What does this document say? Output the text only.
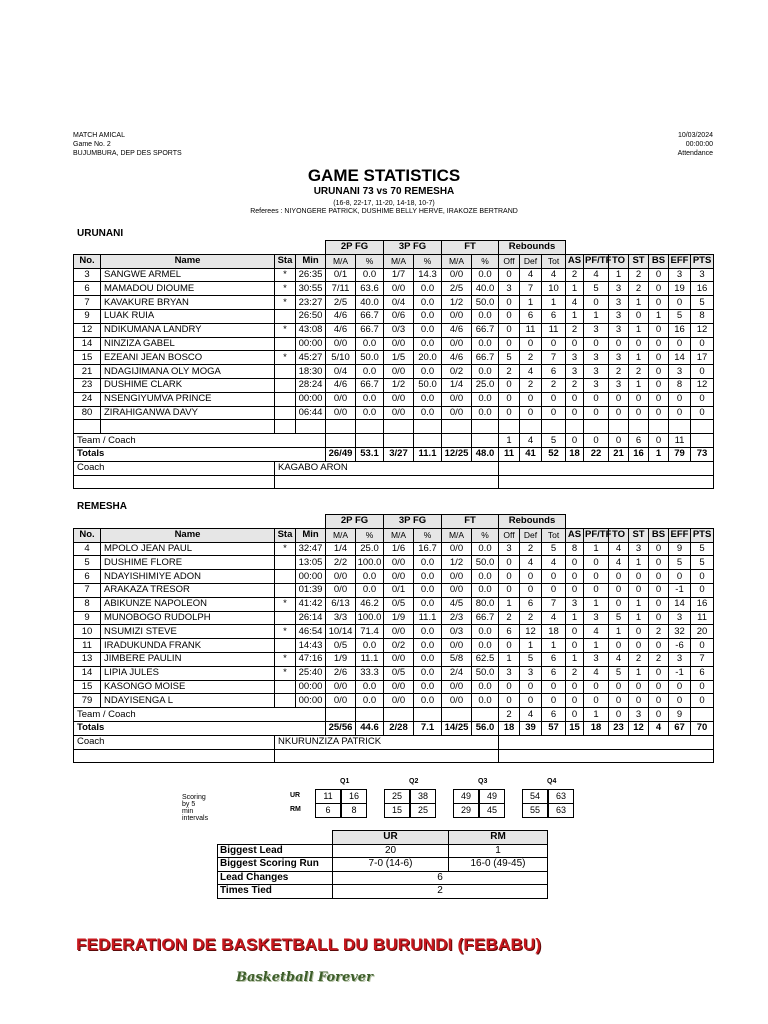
MATCH AMICAL
Game No. 2
BUJUMBURA, DEP DES SPORTS
10/03/2024
00:00:00
Attendance
GAME STATISTICS
URUNANI 73 vs 70 REMESHA
(16-8, 22-17, 11-20, 14-18, 10-7)
Referees : NIYONGERE PATRICK, DUSHIME BELLY HERVE, IRAKOZE BERTRAND
URUNANI
				2P FG		3P FG		FT		Rebounds									
No.	Name	Sta	Min	M/A	%	M/A	%	M/A	%	Off	Def	Tot	AS	PF/TF	TO	ST	BS	EFF	PTS
3	SANGWE ARMEL	*	26:35	0/1	0.0	1/7	14.3	0/0	0.0	0	4	4	2	4	1	2	0	3	3
6	MAMADOU DIOUME	*	30:55	7/11	63.6	0/0	0.0	2/5	40.0	3	7	10	1	5	3	2	0	19	16
7	KAVAKURE BRYAN	*	23:27	2/5	40.0	0/4	0.0	1/2	50.0	0	1	1	4	0	3	1	0	0	5
9	LUAK RUIA		26:50	4/6	66.7	0/6	0.0	0/0	0.0	0	6	6	1	1	3	0	1	5	8
12	NDIKUMANA LANDRY	*	43:08	4/6	66.7	0/3	0.0	4/6	66.7	0	11	11	2	3	3	1	0	16	12
14	NINZIZA GABEL		00:00	0/0	0.0	0/0	0.0	0/0	0.0	0	0	0	0	0	0	0	0	0	0
15	EZEANI JEAN BOSCO	*	45:27	5/10	50.0	1/5	20.0	4/6	66.7	5	2	7	3	3	3	1	0	14	17
21	NDAGIJIMANA OLY MOGA		18:30	0/4	0.0	0/0	0.0	0/2	0.0	2	4	6	3	3	2	2	0	3	0
23	DUSHIME CLARK		28:24	4/6	66.7	1/2	50.0	1/4	25.0	0	2	2	2	3	3	1	0	8	12
24	NSENGIYUMVA PRINCE		00:00	0/0	0.0	0/0	0.0	0/0	0.0	0	0	0	0	0	0	0	0	0	0
80	ZIRAHIGANWA DAVY		06:44	0/0	0.0	0/0	0.0	0/0	0.0	0	0	0	0	0	0	0	0	0	0

Team / Coach										1	4	5	0	0	0	6	0	11	
Totals				26/49	53.1	3/27	11.1	12/25	48.0	11	41	52	18	22	21	16	1	79	73
Coach		KAGABO ARON																	

REMESHA
				2P FG		3P FG		FT		Rebounds									
No.	Name	Sta	Min	M/A	%	M/A	%	M/A	%	Off	Def	Tot	AS	PF/TF	TO	ST	BS	EFF	PTS
4	MPOLO JEAN PAUL	*	32:47	1/4	25.0	1/6	16.7	0/0	0.0	3	2	5	8	1	4	3	0	9	5
5	DUSHIME FLORE		13:05	2/2	100.0	0/0	0.0	1/2	50.0	0	4	4	0	0	4	1	0	5	5
6	NDAYISHIMIYE ADON		00:00	0/0	0.0	0/0	0.0	0/0	0.0	0	0	0	0	0	0	0	0	0	0
7	ARAKAZA TRESOR		01:39	0/0	0.0	0/1	0.0	0/0	0.0	0	0	0	0	0	0	0	0	-1	0
8	ABIKUNZE NAPOLEON	*	41:42	6/13	46.2	0/5	0.0	4/5	80.0	1	6	7	3	1	0	1	0	14	16
9	MUNOBOGO RUDOLPH		26:14	3/3	100.0	1/9	11.1	2/3	66.7	2	2	4	1	3	5	1	0	3	11
10	NSUMIZI STEVE	*	46:54	10/14	71.4	0/0	0.0	0/3	0.0	6	12	18	0	4	1	0	2	32	20
11	IRADUKUNDA FRANK		14:43	0/5	0.0	0/2	0.0	0/0	0.0	0	1	1	0	1	0	0	0	-6	0
13	JIMBERE PAULIN	*	47:16	1/9	11.1	0/0	0.0	5/8	62.5	1	5	6	1	3	4	2	2	3	7
14	LIPIA JULES	*	25:40	2/6	33.3	0/5	0.0	2/4	50.0	3	3	6	2	4	5	1	0	-1	6
15	KASONGO MOISE		00:00	0/0	0.0	0/0	0.0	0/0	0.0	0	0	0	0	0	0	0	0	0	0
79	NDAYISENGA L		00:00	0/0	0.0	0/0	0.0	0/0	0.0	0	0	0	0	0	0	0	0	0	0
Team / Coach										2	4	6	0	1	0	3	0	9	
Totals				25/56	44.6	2/28	7.1	14/25	56.0	18	39	57	15	18	23	12	4	67	70
Coach		NKURUNZIZA PATRICK																	

Scoring by 5 min intervals
Q1	Q2	Q3	Q4
UR	11	16	25	38	49	49	54	63
RM	6	8	15	25	29	45	55	63
	UR	RM
Biggest Lead	20	1
Biggest Scoring Run	7-0 (14-6)	16-0 (49-45)
Lead Changes	6	
Times Tied	2	
FEDERATION DE BASKETBALL DU BURUNDI (FEBABU)
Basketball Forever
